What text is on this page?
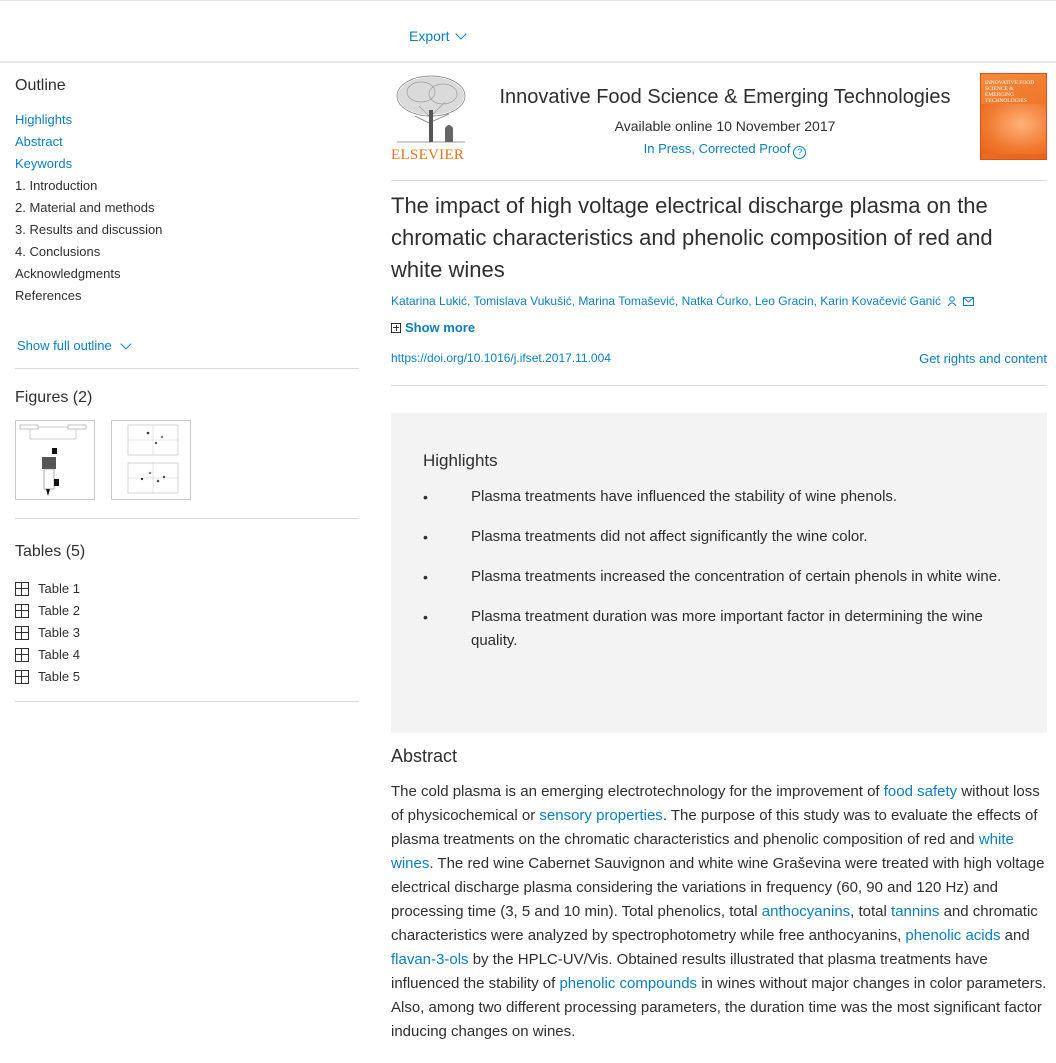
Export
Outline
Highlights
Abstract
Keywords
1. Introduction
2. Material and methods
3. Results and discussion
4. Conclusions
Acknowledgments
References
Show full outline
Figures (2)
Tables (5)
Table 1
Table 2
Table 3
Table 4
Table 5
ELSEVIER
Innovative Food Science & Emerging Technologies
Available online 10 November 2017
In Press, Corrected Proof ?
INNOVATIVE FOOD SCIENCE & EMERGING TECHNOLOGIES
The impact of high voltage electrical discharge plasma on the chromatic characteristics and phenolic composition of red and white wines
Katarina Lukić, Tomislava Vukušić, Marina Tomašević, Natka Ćurko, Leo Gracin, Karin Kovačević Ganić
Show more
https://doi.org/10.1016/j.ifset.2017.11.004	Get rights and content
Highlights
• Plasma treatments have influenced the stability of wine phenols.
• Plasma treatments did not affect significantly the wine color.
• Plasma treatments increased the concentration of certain phenols in white wine.
• Plasma treatment duration was more important factor in determining the wine quality.
Abstract

The cold plasma is an emerging electrotechnology for the improvement of food safety without loss of physicochemical or sensory properties. The purpose of this study was to evaluate the effects of plasma treatments on the chromatic characteristics and phenolic composition of red and white wines. The red wine Cabernet Sauvignon and white wine Graševina were treated with high voltage electrical discharge plasma considering the variations in frequency (60, 90 and 120 Hz) and processing time (3, 5 and 10 min). Total phenolics, total anthocyanins, total tannins and chromatic characteristics were analyzed by spectrophotometry while free anthocyanins, phenolic acids and flavan-3-ols by the HPLC-UV/Vis. Obtained results illustrated that plasma treatments have influenced the stability of phenolic compounds in wines without major changes in color parameters. Also, among two different processing parameters, the duration time was the most significant factor inducing changes on wines.
